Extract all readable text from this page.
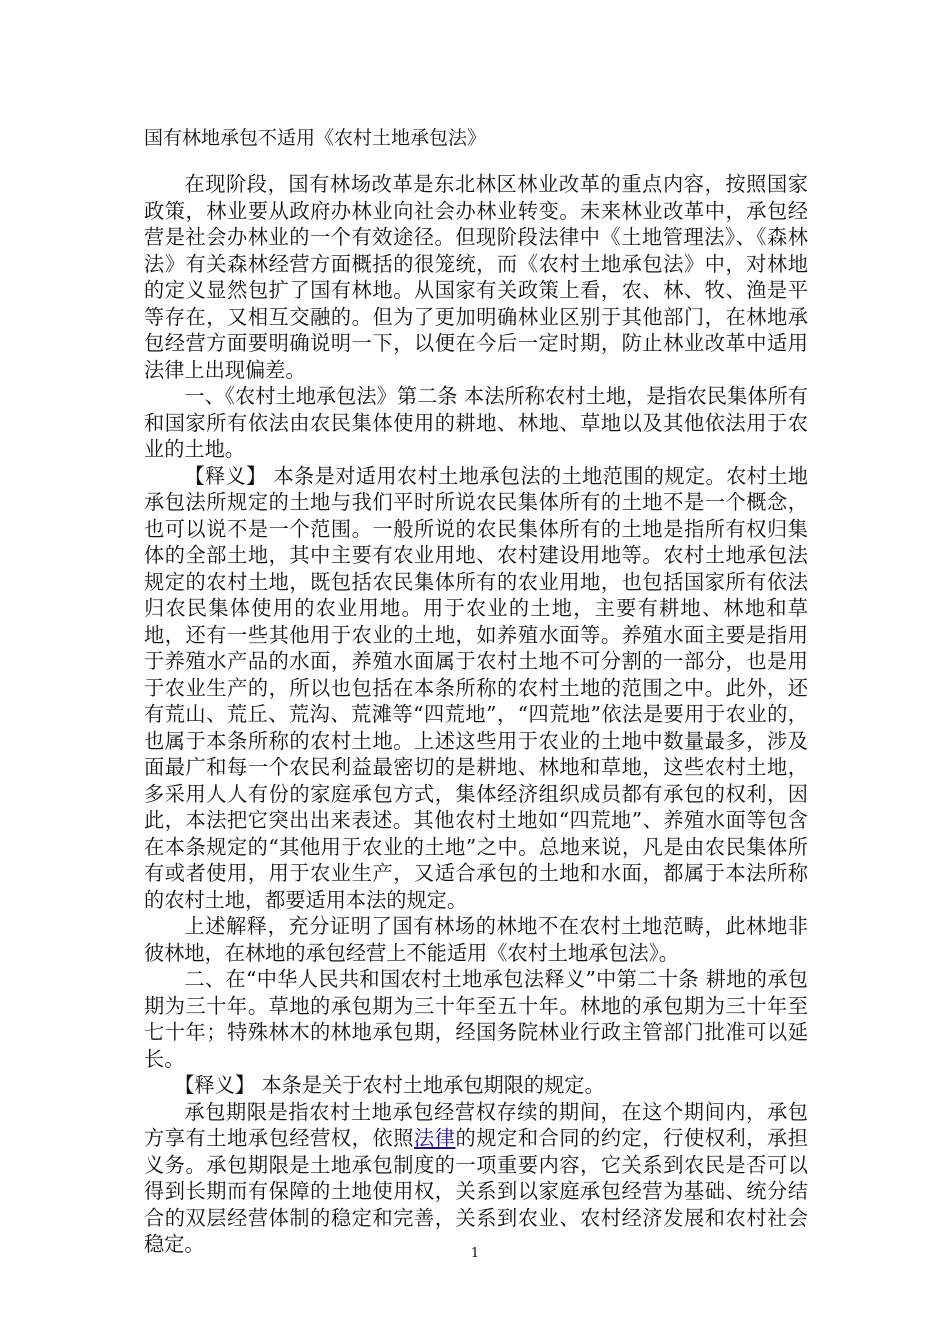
国有林地承包不适用《农村土地承包法》

在现阶段，国有林场改革是东北林区林业改革的重点内容，按照国家政策，林业要从政府办林业向社会办林业转变。未来林业改革中，承包经营是社会办林业的一个有效途径。但现阶段法律中《土地管理法》、《森林法》有关森林经营方面概括的很笼统，而《农村土地承包法》中，对林地的定义显然包扩了国有林地。从国家有关政策上看，农、林、牧、渔是平等存在，又相互交融的。但为了更加明确林业区别于其他部门，在林地承包经营方面要明确说明一下，以便在今后一定时期，防止林业改革中适用法律上出现偏差。

一、《农村土地承包法》第二条 本法所称农村土地，是指农民集体所有和国家所有依法由农民集体使用的耕地、林地、草地以及其他依法用于农业的土地。

【释义】 本条是对适用农村土地承包法的土地范围的规定。农村土地承包法所规定的土地与我们平时所说农民集体所有的土地不是一个概念，也可以说不是一个范围。一般所说的农民集体所有的土地是指所有权归集体的全部土地，其中主要有农业用地、农村建设用地等。农村土地承包法规定的农村土地，既包括农民集体所有的农业用地，也包括国家所有依法归农民集体使用的农业用地。用于农业的土地，主要有耕地、林地和草地，还有一些其他用于农业的土地，如养殖水面等。养殖水面主要是指用于养殖水产品的水面，养殖水面属于农村土地不可分割的一部分，也是用于农业生产的，所以也包括在本条所称的农村土地的范围之中。此外，还有荒山、荒丘、荒沟、荒滩等“四荒地”，“四荒地”依法是要用于农业的，也属于本条所称的农村土地。上述这些用于农业的土地中数量最多，涉及面最广和每一个农民利益最密切的是耕地、林地和草地，这些农村土地，多采用人人有份的家庭承包方式，集体经济组织成员都有承包的权利，因此，本法把它突出出来表述。其他农村土地如“四荒地”、养殖水面等包含在本条规定的“其他用于农业的土地”之中。总地来说，凡是由农民集体所有或者使用，用于农业生产，又适合承包的土地和水面，都属于本法所称的农村土地，都要适用本法的规定。

上述解释，充分证明了国有林场的林地不在农村土地范畴，此林地非彼林地，在林地的承包经营上不能适用《农村土地承包法》。

二、在“中华人民共和国农村土地承包法释义”中第二十条 耕地的承包期为三十年。草地的承包期为三十年至五十年。林地的承包期为三十年至七十年；特殊林木的林地承包期，经国务院林业行政主管部门批准可以延长。

【释义】 本条是关于农村土地承包期限的规定。

承包期限是指农村土地承包经营权存续的期间，在这个期间内，承包方享有土地承包经营权，依照法律的规定和合同的约定，行使权利，承担义务。承包期限是土地承包制度的一项重要内容，它关系到农民是否可以得到长期而有保障的土地使用权，关系到以家庭承包经营为基础、统分结合的双层经营体制的稳定和完善，关系到农业、农村经济发展和农村社会稳定。	1
